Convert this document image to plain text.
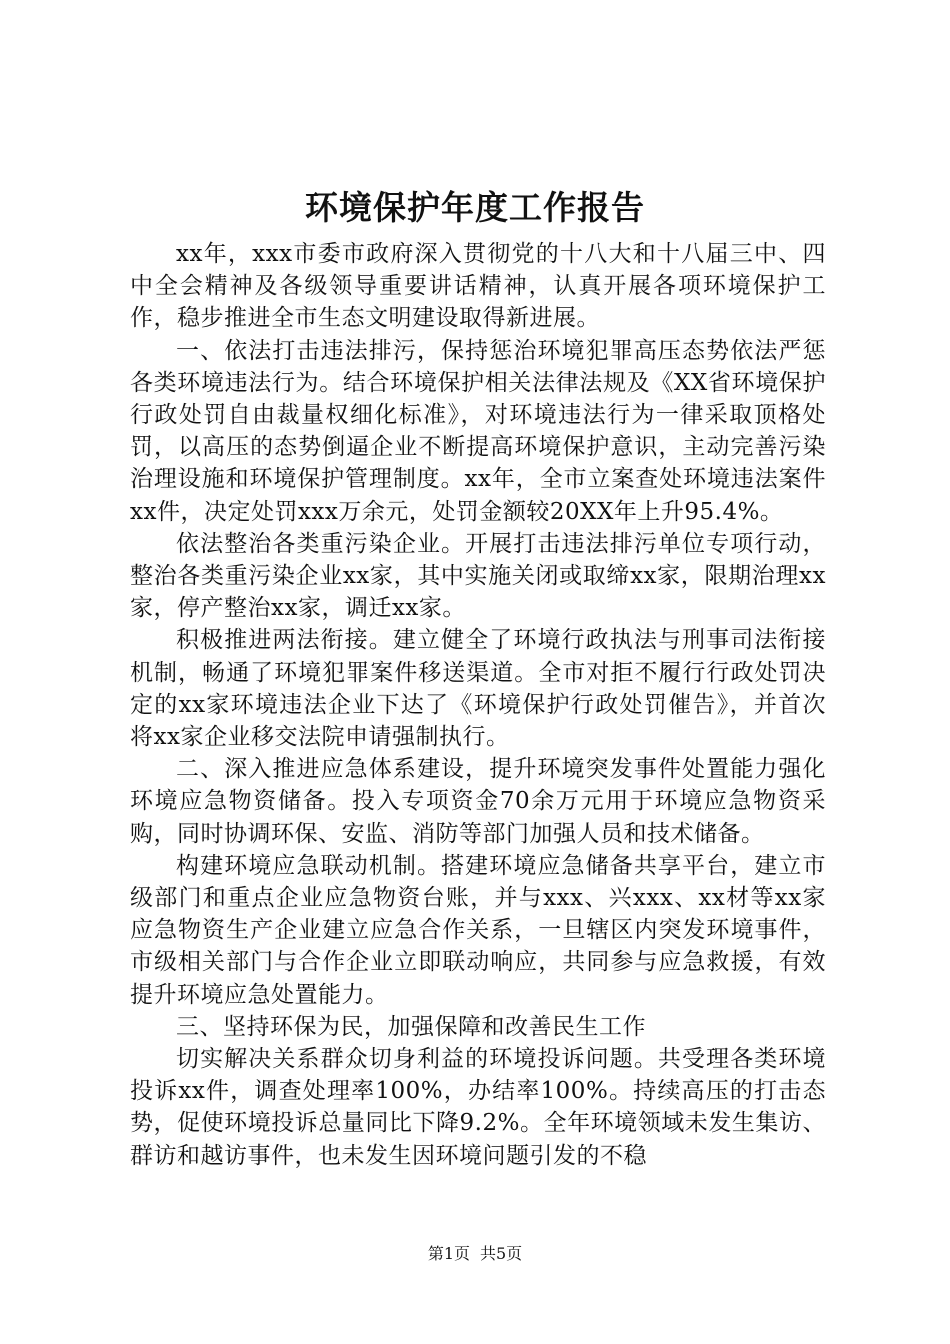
环境保护年度工作报告

xx年，xxx市委市政府深入贯彻党的十八大和十八届三中、四中全会精神及各级领导重要讲话精神，认真开展各项环境保护工作，稳步推进全市生态文明建设取得新进展。

一、依法打击违法排污，保持惩治环境犯罪高压态势依法严惩各类环境违法行为。结合环境保护相关法律法规及《XX省环境保护行政处罚自由裁量权细化标准》，对环境违法行为一律采取顶格处罚，以高压的态势倒逼企业不断提高环境保护意识，主动完善污染治理设施和环境保护管理制度。xx年，全市立案查处环境违法案件xx件，决定处罚xxx万余元，处罚金额较20XX年上升95.4%。

依法整治各类重污染企业。开展打击违法排污单位专项行动，整治各类重污染企业xx家，其中实施关闭或取缔xx家，限期治理xx家，停产整治xx家，调迁xx家。

积极推进两法衔接。建立健全了环境行政执法与刑事司法衔接机制，畅通了环境犯罪案件移送渠道。全市对拒不履行行政处罚决定的xx家环境违法企业下达了《环境保护行政处罚催告》，并首次将xx家企业移交法院申请强制执行。

二、深入推进应急体系建设，提升环境突发事件处置能力强化环境应急物资储备。投入专项资金70余万元用于环境应急物资采购，同时协调环保、安监、消防等部门加强人员和技术储备。

构建环境应急联动机制。搭建环境应急储备共享平台，建立市级部门和重点企业应急物资台账，并与xxx、兴xxx、xx材等xx家应急物资生产企业建立应急合作关系，一旦辖区内突发环境事件，市级相关部门与合作企业立即联动响应，共同参与应急救援，有效提升环境应急处置能力。

三、坚持环保为民，加强保障和改善民生工作

切实解决关系群众切身利益的环境投诉问题。共受理各类环境投诉xx件，调查处理率100%，办结率100%。持续高压的打击态势，促使环境投诉总量同比下降9.2%。全年环境领域未发生集访、群访和越访事件，也未发生因环境问题引发的不稳

第1页 共5页
